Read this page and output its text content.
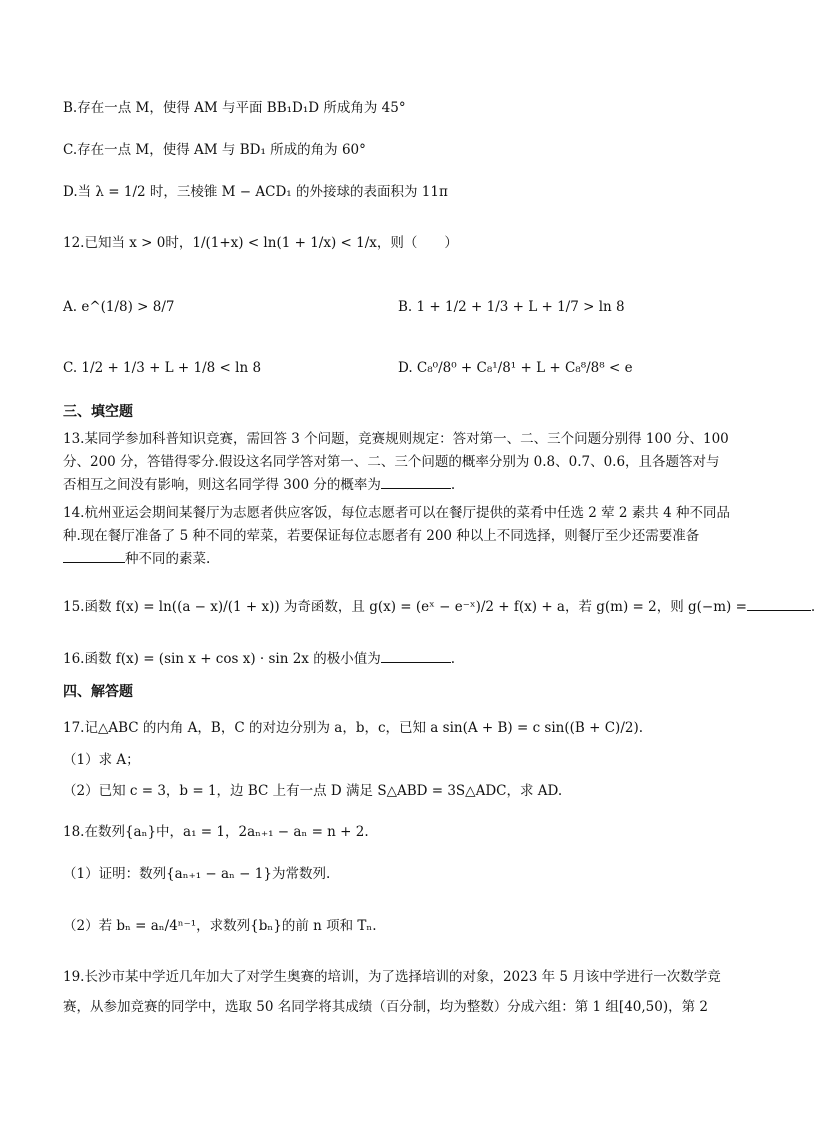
B.存在一点 M，使得 AM 与平面 BB₁D₁D 所成角为 45°
C.存在一点 M，使得 AM 与 BD₁ 所成的角为 60°
D.当 λ = 1/2 时，三棱锥 M − ACD₁ 的外接球的表面积为 11π
12.已知当 x > 0时，1/(1+x) < ln(1 + 1/x) < 1/x，则（　　）
A. e^(1/8) > 8/7	B. 1 + 1/2 + 1/3 + L + 1/7 > ln 8
C. 1/2 + 1/3 + L + 1/8 < ln 8	D. C₈⁰/8⁰ + C₈¹/8¹ + L + C₈⁸/8⁸ < e
三、填空题
13.某同学参加科普知识竞赛，需回答 3 个问题，竞赛规则规定：答对第一、二、三个问题分别得 100 分、100 分、200 分，答错得零分.假设这名同学答对第一、二、三个问题的概率分别为 0.8、0.7、0.6，且各题答对与否相互之间没有影响，则这名同学得 300 分的概率为	.
14.杭州亚运会期间某餐厅为志愿者供应客饭，每位志愿者可以在餐厅提供的菜肴中任选 2 荤 2 素共 4 种不同品种.现在餐厅准备了 5 种不同的荤菜，若要保证每位志愿者有 200 种以上不同选择，则餐厅至少还需要准备种不同的素菜.
15.函数 f(x) = ln((a − x)/(1 + x)) 为奇函数，且 g(x) = (eˣ − e⁻ˣ)/2 + f(x) + a，若 g(m) = 2，则 g(−m) =	.
16.函数 f(x) = (sin x + cos x) · sin 2x 的极小值为	.
四、解答题
17.记△ABC 的内角 A，B，C 的对边分别为 a，b，c，已知 a sin(A + B) = c sin((B + C)/2).
（1）求 A；
（2）已知 c = 3，b = 1，边 BC 上有一点 D 满足 S△ABD = 3S△ADC，求 AD.
18.在数列{aₙ}中，a₁ = 1，2aₙ₊₁ − aₙ = n + 2.
（1）证明：数列{aₙ₊₁ − aₙ − 1}为常数列.
（2）若 bₙ = aₙ/4ⁿ⁻¹，求数列{bₙ}的前 n 项和 Tₙ.
19.长沙市某中学近几年加大了对学生奥赛的培训，为了选择培训的对象，2023 年 5 月该中学进行一次数学竞赛，从参加竞赛的同学中，选取 50 名同学将其成绩（百分制，均为整数）分成六组：第 1 组[40,50)，第 2
